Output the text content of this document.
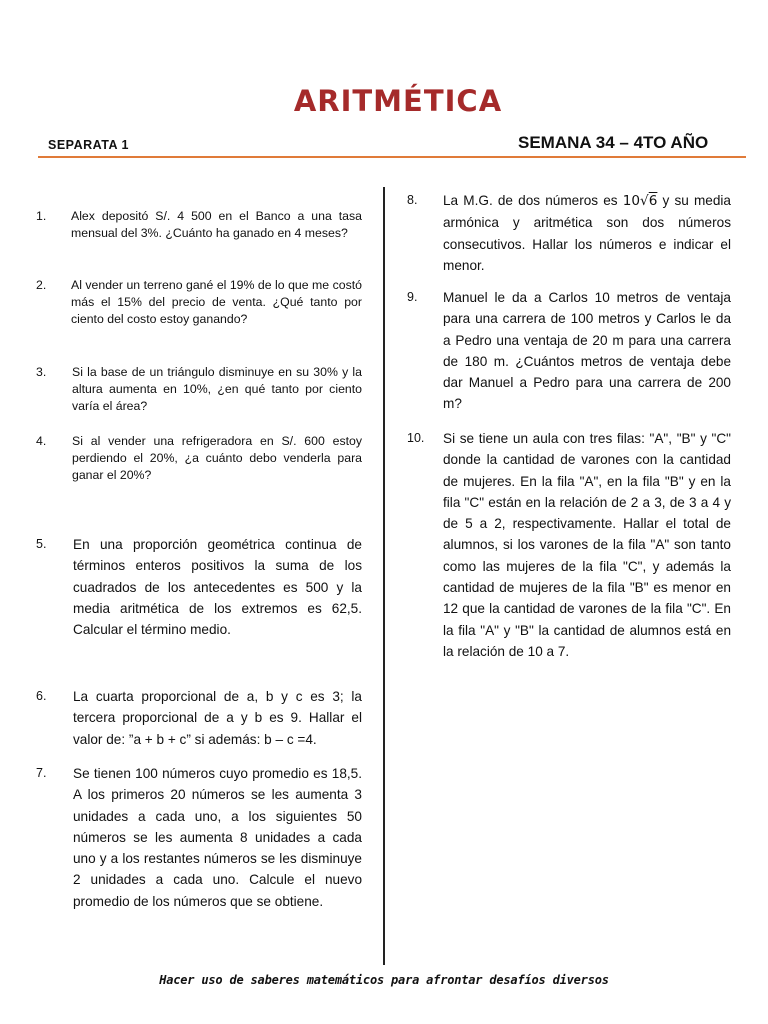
ARITMÉTICA
SEPARATA 1	SEMANA 34 – 4TO AÑO
1. Alex depositó S/. 4 500 en el Banco a una tasa mensual del 3%. ¿Cuánto ha ganado en 4 meses?

2. Al vender un terreno gané el 19% de lo que me costó más el 15% del precio de venta. ¿Qué tanto por ciento del costo estoy ganando?

3. Si la base de un triángulo disminuye en su 30% y la altura aumenta en 10%, ¿en qué tanto por ciento varía el área?

4. Si al vender una refrigeradora en S/. 600 estoy perdiendo el 20%, ¿a cuánto debo venderla para ganar el 20%?

5. En una proporción geométrica continua de términos enteros positivos la suma de los cuadrados de los antecedentes es 500 y la media aritmética de los extremos es 62,5. Calcular el término medio.

6. La cuarta proporcional de a, b y c es 3; la tercera proporcional de a y b es 9. Hallar el valor de: ”a + b + c” si además: b – c =4.

7. Se tienen 100 números cuyo promedio es 18,5. A los primeros 20 números se les aumenta 3 unidades a cada uno, a los siguientes 50 números se les aumenta 8 unidades a cada uno y a los restantes números se les disminuye 2 unidades a cada uno. Calcule el nuevo promedio de los números que se obtiene.

8. La M.G. de dos números es 10√6 y su media armónica y aritmética son dos números consecutivos. Hallar los números e indicar el menor.

9. Manuel le da a Carlos 10 metros de ventaja para una carrera de 100 metros y Carlos le da a Pedro una ventaja de 20 m para una carrera de 180 m. ¿Cuántos metros de ventaja debe dar Manuel a Pedro para una carrera de 200 m?

10. Si se tiene un aula con tres filas: "A", "B" y "C" donde la cantidad de varones con la cantidad de mujeres. En la fila "A", en la fila "B" y en la fila "C" están en la relación de 2 a 3, de 3 a 4 y de 5 a 2, respectivamente. Hallar el total de alumnos, si los varones de la fila "A" son tanto como las mujeres de la fila "C", y además la cantidad de mujeres de la fila "B" es menor en 12 que la cantidad de varones de la fila "C". En la fila "A" y "B" la cantidad de alumnos está en la relación de 10 a 7.

Hacer uso de saberes matemáticos para afrontar desafíos diversos
